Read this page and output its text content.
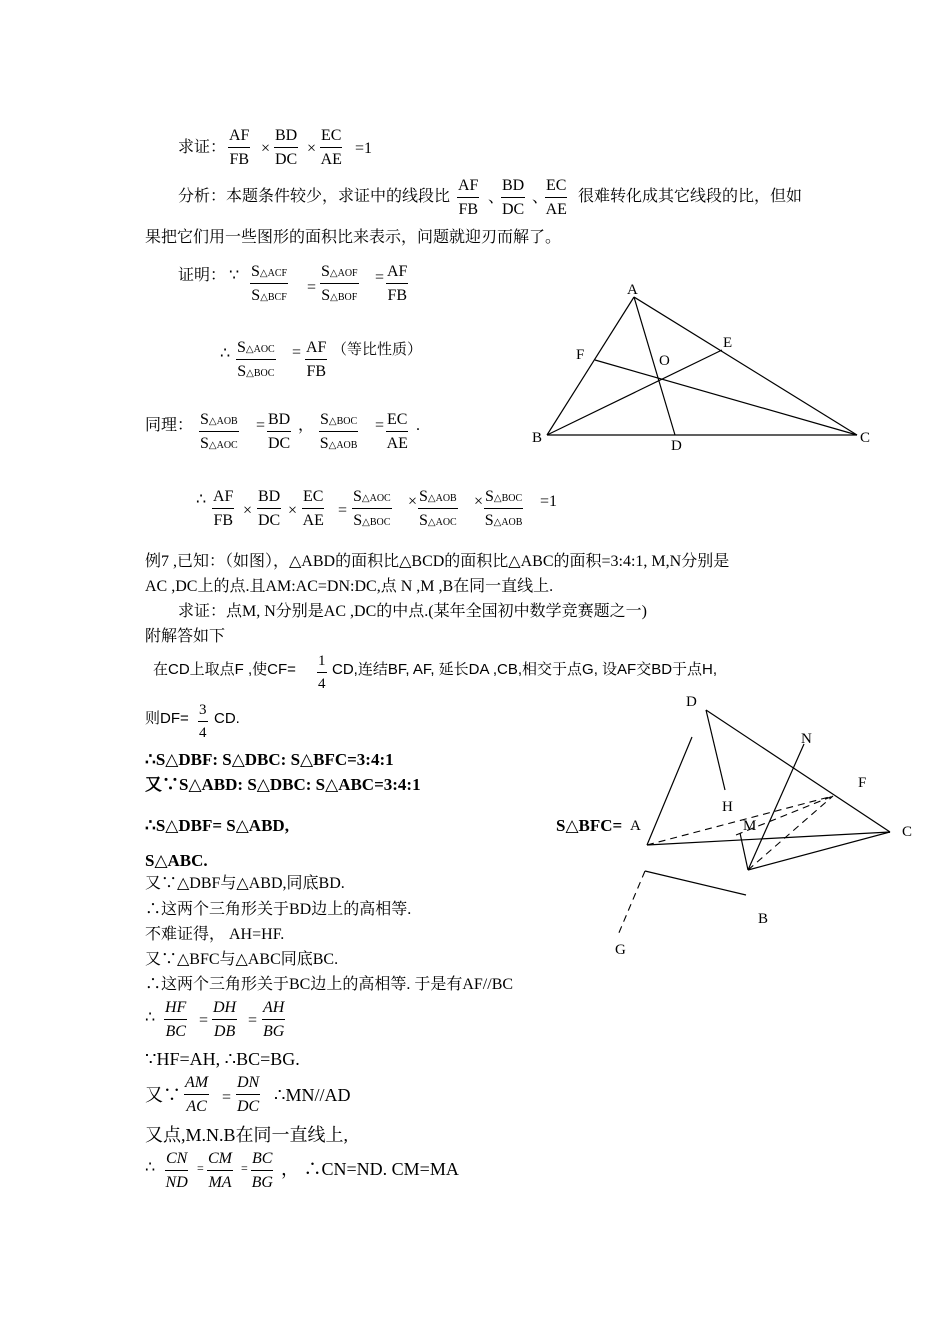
求证： $\frac{AF}{FB} \times \frac{BD}{DC} \times \frac{EC}{AE} =1$
分析：本题条件较少，求证中的线段比 $\frac{AF}{FB}$ 、
$\frac{BD}{DC}$ 、
$\frac{EC}{AE}$ 很难转化成其它线段的比，但如
果把它们用一些图形的面积比来表示，问题就迎刃而解了。
证明： ∵ S△ACF
S△BCF
=
S△AOF
S△BOF
= $\frac{AF}{FB}$
∴ S△AOC
S△BOC
= $\frac{AF}{FB}$ （等比性质）
同理： S△AOB
S△AOC
= $\frac{BD}{DC}$ ， S△BOC
S△AOB
= $\frac{EC}{AE}$ .
∴ $\frac{AF}{FB} \times \frac{BD}{DC} \times \frac{EC}{AE}$ =
S△AOC
S△BOC
× S△AOB
S△AOC
× S△BOC
S△AOB
=1
例7 ,已知：（如图），△ABD的面积比△BCD的面积比△ABC的面积=3:4:1, M,N分别是
AC ,DC上的点.且AM:AC=DN:DC,点 N ,M ,B在同一直线上.
求证：点M, N分别是AC ,DC的中点.(某年全国初中数学竞赛题之一)
附解答如下
在CD上取点F ,使$CF= \frac{1}{4}$ CD,连结BF, AF, 延长DA ,CB,相交于点G, 设AF交BD于点H,
则$DF= \frac{3}{4}$ CD.
∴S△DBF: S△DBC: S△BFC=3:4:1
又∵S△ABD: S△DBC: S△ABC=3:4:1
∴S△DBF= S△ABD,	S△BFC=
S△ABC.
又∵△DBF与△ABD,同底BD.
∴这两个三角形关于BD边上的高相等.
不难证得， AH=HF.
又∵△BFC与△ABC同底BC.
∴这两个三角形关于BC边上的高相等. 于是有AF//BC
∴ $\frac{HF}{BC} = \frac{DH}{DB} = \frac{AH}{BG}$
∵HF=AH, ∴BC=BG.
又∵ $\frac{AM}{AC} = \frac{DN}{DC}$ ∴MN//AD
又点,M.N.B在同一直线上,
∴ $\frac{CN}{ND} = \frac{CM}{MA} = \frac{BC}{BG}$ ， ∴CN=ND. CM=MA
A
B	C
D
E
F	O
D
N
F
H
A	M	C
B
G
